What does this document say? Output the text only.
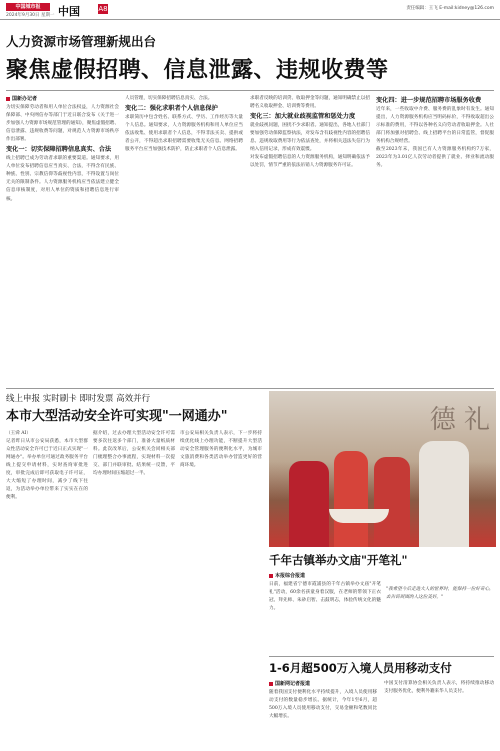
中国城市报
2024年9月30日 星期一 中国	A8	责任编辑：王飞 E-mail:kidney@126.com
人力资源市场管理新规出台
聚焦虚假招聘、信息泄露、违规收费等
国新办记者
为切实保障劳动者和用人单位合法权益，人力资源社会保障部、中央网信办等部门于近日联合发布《关于进一步加强人力资源市场规范管理的通知》，聚焦虚假招聘、信息泄露、违规收费等问题，对规范人力资源市场秩序作出部署。
变化一：切实保障招聘信息真实、合法
线上招聘已成为劳动者求职的重要渠道。通知要求，用人单位发布招聘信息应当真实、合法，不得含有民族、种族、性别、宗教信仰等歧视性内容，不得设置与岗位无关的限制条件。人力资源服务机构应当依法建立健全信息审核制度，对用人单位的资质和招聘信息进行审核。
人员管理，切实保障招聘信息真实、合法。
变化二：强化求职者个人信息保护
求职简历中包含姓名、联系方式、学历、工作经历等大量个人信息。通知要求，人力资源服务机构和用人单位应当依法收集、使用求职者个人信息，不得非法买卖、提供或者公开，不得超出求职招聘需要收集无关信息。网络招聘服务平台应当加强技术防护，防止求职者个人信息泄露。
求职者反映的培训贷、收取押金等问题，通知明确禁止以招聘名义收取押金、培训费等费用。
变化三：加大就业歧视监管和惩处力度
就业歧视问题，困扰不少求职者。通知提出，各地人社部门要加强劳动保障监察执法，对发布含有歧视性内容的招聘信息、违规收取费用等行为依法查处，并将相关违法失信行为纳入信用记录，形成有效震慑。
对发布虚假招聘信息的人力资源服务机构，通知明确依法予以处罚，情节严重的依法吊销人力资源服务许可证。
变化四：进一步规范招聘市场服务收费
近年来，一些收取中介费、服务费的乱象时有发生。通知提出，人力资源服务机构应当明码标价，不得收取超出公示标准的费用，不得以各种名义向劳动者收取押金。人社部门将加强对招聘会、线上招聘平台的日常监管，督促服务机构合规经营。
截至2023年末，我国已有人力资源服务机构约7万家，2023年为3.01亿人次劳动者提供了就业、择业和流动服务。
线上申报 实时刷卡 即时发票 高效并行
本市大型活动安全许可实现"一网通办"
（王舜 AI）
记者昨日从市公安局获悉，本市大型群众性活动安全许可已于近日正式实现"一网通办"。举办单位可通过政务服务平台线上提交申请材料，实时查询审批进度，审批完成后即可获取电子许可证，大大缩短了办理时间，减少了线下往返，为活动举办单位带来了实实在在的便利。
据介绍，过去办理大型活动安全许可需要多次往返多个部门，准备大量纸质材料。此次改革后，公安机关会同相关部门梳理整合办事流程，实现材料一次提交、部门并联审批、结果统一反馈，平均办理时间压缩超过一半。
市公安局相关负责人表示，下一步将持续优化线上办理功能，不断提升大型活动安全管理服务的便利化水平，为城市文旅消费和各类活动举办营造更好的营商环境。
德 礼
千年古镇举办文庙"开笔礼"
本报综合报道
日前，福建省宁德市霞浦县的千年古镇举办文庙"开笔礼"活动，60余名孩童身着汉服，在老师的带领下正衣冠、拜先师、朱砂启智、击鼓明志，体验传统文化的魅力。
"我希望今后走进大人的世界时，能保持一份好奇心，去告诉周围的人这份美好。"
1-6月超500万入境人员用移动支付
国新网记者报道
随着我国支付便利化水平持续提升，入境人员使用移动支付的数量稳步增长。据统计，今年1至6月，超500万入境人员使用移动支付，交易金额和笔数同比大幅增长。
中国支付清算协会相关负责人表示，将持续推动移动支付服务优化，便利外籍来华人员支付。
